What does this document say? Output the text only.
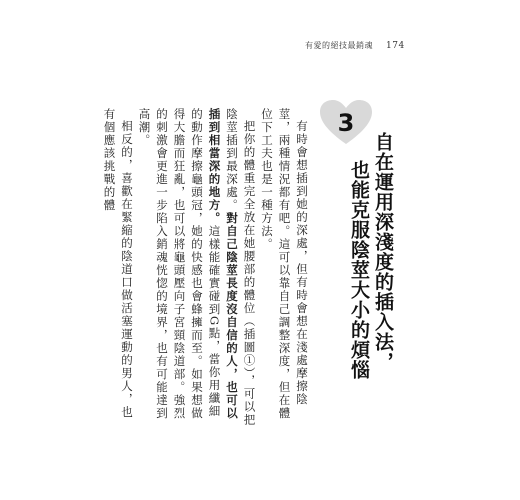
有愛的絕技最銷魂 174
3
自在運用深淺度的插入法，
也能克服陰莖大小的煩惱

有時會想插到她的深處，但有時會想在淺處摩擦陰莖，兩種情況都有吧。這可以靠自己調整深度，但在體位下工夫也是一種方法。

把你的體重完全放在她腰部的體位（插圖①），可以把陰莖插到最深處。對自己陰莖長度沒自信的人，也可以插到相當深的地方。這樣能確實碰到G點，當你用纖細的動作摩擦龜頭冠，她的快感也會蜂擁而至。如果想做得大膽而狂亂，也可以將龜頭壓向子宮頸陰道部。強烈的刺激會更進一步陷入銷魂恍惚的境界，也有可能達到高潮。

相反的，喜歡在緊縮的陰道口做活塞運動的男人，也有個應該挑戰的體
